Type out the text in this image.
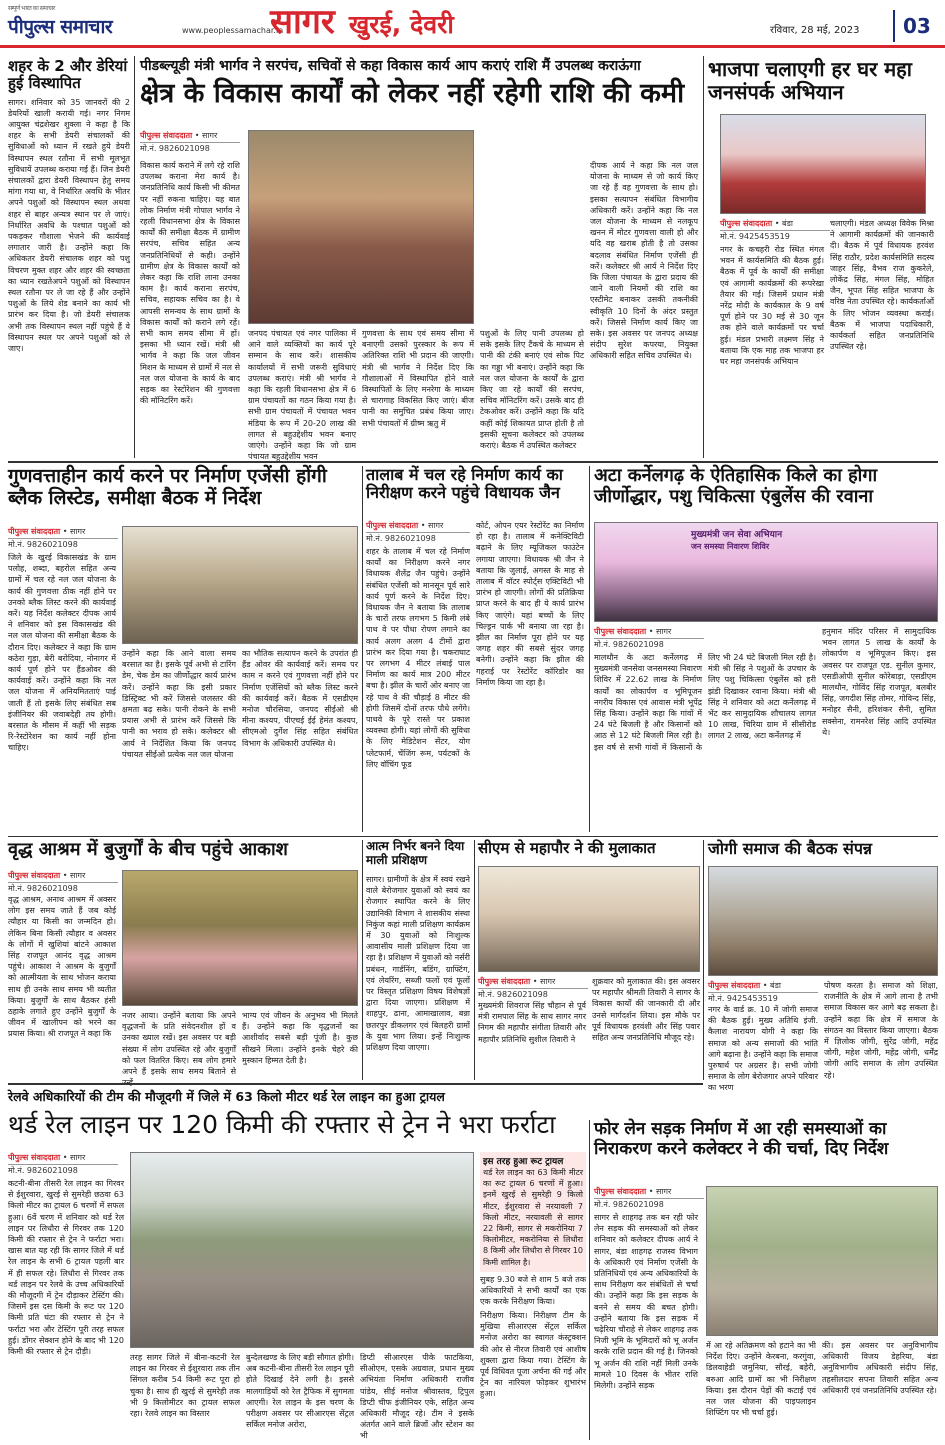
सम्पूर्ण भारत का समाचार
पीपुल्स समाचार	www.peoplessamachar.in
सागर खुरई, देवरी	रविवार, 28 मई, 2023	03
शहर के 2 और डेरियां हुई विस्थापित
सागर। शनिवार को 35 जानवरों की 2 डेयरियों खाली करायी गई। नगर निगम आयुक्त चंद्रशेखर शुक्ला ने कहा है कि शहर के सभी डेयरी संचालकों की सुविधाओं को ध्यान में रखते हुये डेयरी विस्थापन स्थल रतौना में सभी मूलभूत सुविधायें उपलब्ध कराया गई हैं। जिन डेयरी संचालकों द्वारा डेयरी विस्थापन हेतु समय मांगा गया था, वे निर्धारित अवधि के भीतर अपने पशुओं को विस्थापन स्थल अथवा शहर से बाहर अन्यत्र स्थान पर ले जाएं। निर्धारित अवधि के पश्चात पशुओं को पकड़कर गौशाला भेजने की कार्यवाई लगातार जारी है। उन्होंने कहा कि अधिकतर डेयरी संचालक शहर को पशु विचरण मुक्त शहर और शहर की स्वच्छता का ध्यान रखतेअपने पशुओं को विस्थापन स्थल रतौना पर ले जा रहे हैं और उन्होंने पशुओं के लिये शेड बनाने का कार्य भी प्रारंभ कर दिया है। जो डेयरी संचालक अभी तक विस्थापन स्थल नहीं पहुंचे हैं वे विस्थापन स्थल पर अपने पशुओं को ले जाए।
पीडब्ल्यूडी मंत्री भार्गव ने सरपंच, सचिवों से कहा विकास कार्य आप कराएं राशि मैं उपलब्ध कराऊंगा
क्षेत्र के विकास कार्यों को लेकर नहीं रहेगी राशि की कमी
पीपुल्स संवाददाता • सागर
मो.नं. 9826021098
विकास कार्य कराने में लगे रहे राशि उपलब्ध कराना मेरा कार्य है। जनप्रतिनिधि कार्य किसी भी कीमत पर नहीं रुकना चाहिए। यह बात लोक निर्माण मंत्री गोपाल भार्गव ने रहली विधानसभा क्षेत्र के विकास कार्यों की समीक्षा बैठक में ग्रामीण सरपंच, सचिव सहित अन्य जनप्रतिनिधियों से कही। उन्होंने ग्रामीण क्षेत्र के विकास कार्यों को लेकर कहा कि राशि लाना उनका काम है। कार्य कराना सरपंच, सचिव, सहायक सचिव का है। वे आपसी समन्वय के साथ ग्रामों के विकास कार्यों को कराने लगे रहें। सभी काम समय सीमा में हों। इसका भी ध्यान रखें। मंत्री श्री भार्गव ने कहा कि जल जीवन मिशन के माध्यम से ग्रामों में नल से नल जल योजना के कार्य के बाद सड़क का रेस्टोरेशन की गुणवत्ता की मॉनिटरिंग करें।
जनपद पंचायत एवं नगर पालिका में आने वाले व्यक्तियों का कार्य पूरे सम्मान के साथ करें। शासकीय कार्यालयों में सभी जरूरी सुविधाएं उपलब्ध कराएं। मंत्री श्री भार्गव ने कहा कि रहली विधानसभा क्षेत्र में 6 ग्राम पंचायतों का गठन किया गया है। सभी ग्राम पंचायतों में पंचायत भवन मंडिया के रूप में 20-20 लाख की लागत से बहुउद्देशीय भवन बनाए जाएंगे। उन्होंने कहा कि जो ग्राम पंचायत बहुउद्देशीय भवन
गुणवत्ता के साथ एवं समय सीमा में बनाएगी उसको पुरस्कार के रूप में अतिरिक्त राशि भी प्रदान की जाएगी। मंत्री श्री भार्गव ने निर्देश दिए कि गौशालाओं में विस्थापित होने वाले विस्थापितों के लिए मनरेगा के माध्यम से चारागाह विकसित किए जाएं। बीज पानी का समुचित प्रबंध किया जाए। सभी पंचायतों में ग्रीष्म ऋतु में
पशुओं के लिए पानी उपलब्ध हो सके इसके लिए टैंकचे के माध्यम से पानी की टंकी बनाएं एवं सोक पिट का गड्डा भी बनाएं। उन्होंने कहा कि नल जल योजना के कार्यों के द्वारा किए जा रहे कार्यों की सरपंच, सचिव मॉनिटरिंग करें। उसके बाद ही टेकओवर करें। उन्होंने कहा कि यदि कहीं कोई शिकायत प्राप्त होती है तो इसकी सूचना कलेक्टर को उपलब्ध कराएं। बैठक में उपस्थित कलेक्टर
दीपक आर्य ने कहा कि नल जल योजना के माध्यम से जो कार्य किए जा रहे हैं वह गुणवत्ता के साथ हो। इसका सत्यापन संबंधित विभागीय अधिकारी करें। उन्होंने कहा कि नल जल योजना के माध्यम से नलकूप खनन में मोटर गुणवत्ता वाली हो और यदि वह खराब होती है तो उसका बदलाव संबंधित निर्माण एजेंसी ही करें। कलेक्टर श्री आर्य ने निर्देश दिए कि जिला पंचायत के द्वारा प्रदाय की जाने वाली नियमों की राशि का एस्टीमेट बनाकर उसकी तकनीकी स्वीकृति 10 दिनों के अंदर प्रस्तुत करें। जिससे निर्माण कार्य किए जा सके। इस अवसर पर जनपद अध्यक्ष संदीप सुरेश कपरया, नियुक्त अधिकारी सहित सचिव उपस्थित थे।
भाजपा चलाएगी हर घर महा जनसंपर्क अभियान
पीपुल्स संवाददाता • बंडा
मो.नं. 9425453519
नगर के कचहरी रोड स्थित मंगल भवन में कार्यसमिति की बैठक हुई। बैठक में पूर्व के कार्यों की समीक्षा एवं आगामी कार्यक्रमों की रूपरेखा तैयार की गई। जिसमें प्रधान मंत्री नरेंद्र मोदी के कार्यकाल के 9 वर्ष पूर्ण होने पर 30 मई से 30 जून तक होने वाले कार्यक्रमों पर चर्चा हुई। मंडल प्रभारी लक्ष्मण सिंह ने बताया कि एक माह तक भाजपा हर घर महा जनसंपर्क अभियान
चलाएगी। मंडल अध्यक्ष विवेक मिश्रा ने आगामी कार्यक्रमों की जानकारी दी। बैठक में पूर्व विधायक हरवंश सिंह राठौर, प्रदेश कार्यसमिति सदस्य जाहर सिंह, वैभव राज कुकरेले, लोकेंद्र सिंह, मंगल सिंह, मोहित जैन, भूपत सिंह सहित भाजपा के वरिष्ठ नेता उपस्थित रहे। कार्यकर्ताओं के लिए भोजन व्यवस्था कराई। बैठक में भाजपा पदाधिकारी, कार्यकर्ता सहित जनप्रतिनिधि उपस्थित रहे।
गुणवत्ताहीन कार्य करने पर निर्माण एजेंसी होंगी ब्लैक लिस्टेड, समीक्षा बैठक में निर्देश
पीपुल्स संवाददाता • सागर
मो.नं. 9826021098
जिले के खुरई विकासखंड के ग्राम पलोह, शब्दा, बहरोल सहित अन्य ग्रामों में चल रहे नल जल योजना के कार्य की गुणवत्ता ठीक नहीं होने पर उनको ब्लैक लिस्ट करने की कार्यवाई करें। यह निर्देश कलेक्टर दीपक आर्य ने शनिवार को इस विकासखंड की नल जल योजना की समीक्षा बैठक के दौरान दिए। कलेक्टर ने कहा कि ग्राम कठेरा गुड़ा, बेरी बरोदिया, नोनागर में कार्य पूर्ण होने पर हैंडओवर की कार्यवाई करें। उन्होंने कहा कि नल जल योजना में अनियमितताएं पाई जाती हैं तो इसके लिए संबंधित सब इंजीनियर की जवाबदेही तय होगी। बरसात के मौसम में कहीं भी सड़क रि-रेस्टोरेशन का कार्य नहीं होना चाहिए।
उन्होंने कहा कि आने वाला समय बरसात का है। इसके पूर्व अभी से टारिंग डेम, चेक डेम का जीर्णोद्धार कार्य प्रारंभ करें। उन्होंने कहा कि इसी प्रकार डिस्ट्रिक्ट भी करें जिससे जलस्तर की क्षमता बढ़ सके। पानी रोकने के सभी प्रयास अभी से प्रारंभ करें जिससे कि पानी का भराव हो सके। कलेक्टर श्री आर्य ने निर्देशित किया कि जनपद पंचायत सीईओ प्रत्येक नल जल योजना
का भौतिक सत्यापन करने के उपरांत ही हैंड ओवर की कार्यवाई करें। समय पर काम न करने एवं गुणवत्ता नहीं होने पर निर्माण एजेंसियों को ब्लैक लिस्ट करने की कार्यवाई करें। बैठक में एसडीएम मनोज चौरसिया, जनपद सीईओ श्री मीना कश्यप, पीएचई ईई हेमंत कश्यप, सीएमओ दुर्गेश सिंह सहित संबंधित विभाग के अधिकारी उपस्थित थे।
तालाब में चल रहे निर्माण कार्य का निरीक्षण करने पहुंचे विधायक जैन
पीपुल्स संवाददाता • सागर
मो.नं. 9826021098
शहर के तालाब में चल रहे निर्माण कार्यों का निरीक्षण करने नगर विधायक शैलेंद्र जैन पहुंचे। उन्होंने संबंधित एजेंसी को मानसून पूर्व सारे कार्य पूर्ण करने के निर्देश दिए। विधायक जैन ने बताया कि तालाब के चारों तरफ लगभग 5 किमी लंबे पाथ वे पर पौधा रोपण लगाने का कार्य अलग अलग 4 टीमों द्वारा प्रारंभ कर दिया गया है। चकराघाट पर लगभग 4 मीटर लंबाई पाल निर्माण का कार्य मात्र 200 मीटर बचा है। झील के चारों ओर बनाए जा रहे पाथ वे की चौड़ाई 8 मीटर की होगी जिसमें दोनों तरफ पौधे लगेंगे। पाथवे के पूरे रास्ते पर प्रकाश व्यवस्था होगी। यहां लोगों की सुविधा के लिए मेडिटेशन सेंटर, योग प्लेटफार्म, चेंजिंग रूम, पर्यटकों के लिए वॉचिंग फूड
कोर्ट, ओपन एयर रेस्टोरेंट का निर्माण हो रहा है। तालाब में कनेक्टिविटी बढ़ाने के लिए म्यूजिकल फाउंटेन लगाया जाएगा। विधायक श्री जैन ने बताया कि जुलाई, अगस्त के माह से तालाब में वॉटर स्पोर्ट्स एक्टिविटी भी प्रारंभ हो जाएगी। लोगों की प्रतिक्रिया प्राप्त करने के बाद ही ये कार्य प्रारंभ किए जाएंगे। यहां बच्चों के लिए चिल्ड्रन पार्क भी बनाया जा रहा है। झील का निर्माण पूरा होने पर यह जगह शहर की सबसे सुंदर जगह बनेगी। उन्होंने कहा कि झील की गहराई पर रेस्टोरेंट कॉरिडोर का निर्माण किया जा रहा है।
अटा कर्नेलगढ़ के ऐतिहासिक किले का होगा जीर्णोद्धार, पशु चिकित्सा एंबुलेंस की रवाना
मुख्यमंत्री जन सेवा अभियान
जन समस्या निवारण शिविर
पीपुल्स संवाददाता • सागर
मो.नं. 9826021098
मालथौन के अटा कर्नेलगढ़ में मुख्यमंत्री जनसेवा जनसमस्या निवारण शिविर में 22.62 लाख के निर्माण कार्यों का लोकार्पण व भूमिपूजन नगरीय विकास एवं आवास मंत्री भूपेंद्र सिंह किया। उन्होंने कहा कि गांवों में 24 घंटे बिजली है और किसानों को आठ से 12 घंटे बिजली मिल रही है। इस वर्ष से सभी गांवों में किसानों के लिए भी 24 घंटे बिजली मिल रही है। मंत्री श्री सिंह ने पशुओं के उपचार के लिए पशु चिकित्सा एंबुलेंस को हरी झंडी दिखाकर रवाना किया। मंत्री श्री सिंह ने शनिवार को अटा कर्नेलगढ़ में भेंट कर सामुदायिक शौचालय लागत 10 लाख, चिरिया ग्राम में सीसीरोड लागत 2 लाख, अटा कर्नेलगढ़ में
हनुमान मंदिर परिसर में सामुदायिक भवन लागत 5 लाख के कार्यों के लोकार्पण व भूमिपूजन किए। इस अवसर पर राजपूत एड. सुनील कुमार, एसडीओपी सुनील कोरेबाड़ा, एसडीएम मालथौन, गोविंद सिंह राजपूत, बलबीर सिंह, जगदीश सिंह तोमर, गोविन्द सिंह, मनोहर सैनी, हरिशंकर सैनी, सुमित सक्सेना, रामनरेश सिंह आदि उपस्थित थे।
वृद्ध आश्रम में बुजुर्गों के बीच पहुंचे आकाश
पीपुल्स संवाददाता • सागर
मो.नं. 9826021098
वृद्ध आश्रम, अनाथ आश्रम में अक्सर लोग इस समय जाते हैं जब कोई त्यौहार या किसी का जन्मदिन हो। लेकिन बिना किसी त्यौहार व अवसर के लोगों में खुशियां बांटने आकाश सिंह राजपूत आनंद वृद्ध आश्रम पहुंचे। आकाश ने आश्रम के बुजुर्गों को आत्मीयता के साथ भोजन कराया साथ ही उनके साथ समय भी व्यतीत किया। बुजुर्गों के साथ बैठकर हंसी ठहाके लगाते हुए उन्होंने बुजुर्गों के जीवन में खालीपन को भरने का प्रयास किया। श्री राजपूत ने कहा कि
नजर आया। उन्होंने बताया कि अपने वृद्धजनों के प्रति संवेदनशील हों व उनका ख्याल रखें। इस अवसर पर बड़ी संख्या में लोग उपस्थित रहे और बुजुर्गों को फल वितरित किए। सब लोग हमारे अपने हैं इसके साथ समय बिताने से
भाग्य एवं जीवन के अनुभव भी मिलते हैं। उन्होंने कहा कि वृद्धजनों का आशीर्वाद सबसे बड़ी पूंजी है। कुछ सीखने मिला। उन्होंने इनके चेहरे की मुस्कान हिम्मत देती है।
आत्म निर्भर बनने दिया माली प्रशिक्षण
सागर। ग्रामीणों के क्षेत्र में स्वयं रखने वाले बेरोजगार युवाओं को स्वयं का रोजगार स्थापित करने के लिए उद्यानिकी विभाग ने शासकीय संस्था निकुंज कहां माली प्रशिक्षण कार्यक्रम में 30 युवाओं को निःशुल्क आवासीय माली प्रशिक्षण दिया जा रहा है। प्रशिक्षण में युवाओं को नर्सरी प्रबंधन, गार्डनिंग, बडिंग, ग्राफ्टिंग, एवं लेयरिंग, सब्जी फलों एवं फूलों पर विस्तृत प्रशिक्षण विषय विशेषज्ञों द्वारा दिया जाएगा। प्रशिक्षण में शाहपुर, ढाना, आमाखालाव, बन्ना छतरपुर डीकलगर एवं बिलहरी ग्रामों के युवा भाग लिया। इन्हें निःशुल्क प्रशिक्षण दिया जाएगा।
सीएम से महापौर ने की मुलाकात
पीपुल्स संवाददाता • सागर
मो.नं. 9826021098
मुख्यमंत्री शिवराज सिंह चौहान से पूर्व मंत्री रामपाल सिंह के साथ सागर नगर निगम की महापौर संगीता तिवारी और महापौर प्रतिनिधि सुशील तिवारी ने
शुक्रवार को मुलाकात की। इस अवसर पर महापौर श्रीमती तिवारी ने सागर के विकास कार्यों की जानकारी दी और उनसे मार्गदर्शन लिया। इस मौके पर पूर्व विधायक हरवंशी और सिंह पवार सहित अन्य जनप्रतिनिधि मौजूद रहे।
जोगी समाज की बैठक संपन्न
पीपुल्स संवाददाता • बंडा
मो.नं. 9425453519
नगर के वार्ड क्र. 10 में जोगी समाज की बैठक हुई। मुख्य अतिथि इंजी. कैलाश नारायण योगी ने कहा कि समाज को अन्य समाजों की भांति आगे बढ़ाना है। उन्होंने कहा कि समाज पुरुषार्थ पर अग्रसर है। सभी जोगी समाज के लोग बेरोजगार अपने परिवार का भरण
पोषण करता है। समाज को शिक्षा, राजनीति के क्षेत्र में आगे लाना है तभी समाज विकास कर आगे बढ़ सकता है। उन्होंने कहा कि क्षेत्र में समाज के संगठन का विस्तार किया जाएगा। बैठक में ज्ञिलोक जोगी, सुरेंद्र जोगी, महेंद्र जोगी, महेश जोगी, महेंद्र जोगी, धर्मेंद्र जोगी आदि समाज के लोग उपस्थित रहे।
रेलवे अधिकारियों की टीम की मौजूदगी में जिले में 63 किलो मीटर थर्ड रेल लाइन का हुआ ट्रायल
थर्ड रेल लाइन पर 120 किमी की रफ्तार से ट्रेन ने भरा फर्राटा
पीपुल्स संवाददाता • सागर
मो.नं. 9826021098
कटनी-बीना तीसरी रेल लाइन का गिरवर से ईशुरवारा, खुरई से सुमरेही छठवा 63 किलो मीटर का ट्रायल 6 चरणों में सफल हुआ। 6वें चरण में शनिवार को थर्ड रेल लाइन पर लिधौरा से गिरवर तक 120 किमी की रफ्तार से ट्रेन ने फर्राटा भरा। खास बात यह रही कि सागर जिले में थर्ड रेल लाइन के सभी 6 ट्रायल पहली बार में ही सफल रहे। लिधौरा से गिरवर तक थर्ड लाइन पर रेलवे के उच्च अधिकारियों की मौजूदगी में ट्रेन दौड़ाकर टेस्टिंग की। जिसमें इस दस किमी के रूट पर 120 किमी प्रति घंटा की रफ्तार से ट्रेन ने फर्राटा भरा और टेस्टिंग पूरी तरह सफल हुई। डोंगर सेक्शन होने के बाद भी 120 किमी की रफ्तार से ट्रेन दौड़ी।
तरह सागर जिले में बीना-कटनी रेल लाइन का गिरवर से ईशुरवारा तक तीन सिंगल करीब 54 किमी रूट पूरा हो चुका है। साथ ही खुरई से सुमरेही तक भी 9 किलोमीटर का ट्रायल सफल रहा। रेलवे लाइन का विस्तार
बुन्देलखण्ड के लिए बड़ी सौगात होगी। अब कटनी-बीना तीसरी रेल लाइन पूरी होते दिखाई देने लगी है। इससे मालगाड़ियों को रेल ट्रैफिक में सुगमता आएगी। रेल लाइन के इस चरण के परीक्षण अवसर पर सीआरएस सेंट्रल सर्किल मनोज अरोरा,
डिप्टी सीआरएस पीके फाटकिया, सीओएम, एसके अग्रवाल, प्रधान मुख्य अभियंता निर्माण अधिकारी राजीव पांडेय, सीई मनोज श्रीवास्तव, ट्रिपुल डिप्टी चीफ इंजीनियर एके, सहित अन्य अधिकारी मौजूद रहे। टीम ने इसके अंतर्गत आने वाले ब्रिजों और स्टेशन का भी
इस तरह हुआ रूट ट्रायल
थर्ड रेल लाइन का 63 किमी मीटर का रूट ट्रायल 6 चरणों में हुआ। इनमें खुरई से सुमरेही 9 किलो मीटर, ईशुरवारा से नरयावली 7 किलो मीटर, नरयावली से सागर 22 किमी, सागर से मकरोनिया 7 किलोमीटर, मकरोनिया से लिधौरा 8 किमी और लिधौरा से गिरवर 10 किमी शामिल है।
सुबह 9.30 बजे से शाम 5 बजे तक अधिकारियों ने सभी कार्यों का एक एक करके निरीक्षण किया।
निरीक्षण किया। निरीक्षण टीम के मुखिया सीआरएस सेंट्रल सर्किल मनोज अरोरा का स्वागत कंस्ट्रक्शन की ओर से नीरज तिवारी एवं आशीष शुक्ला द्वारा किया गया। टेस्टिंग के पूर्व विधिवत पूजा अर्चना की गई और ट्रेन का नारियल फोड़कर शुभारंभ हुआ।
फोर लेन सड़क निर्माण में आ रही समस्याओं का निराकरण करने कलेक्टर ने की चर्चा, दिए निर्देश
पीपुल्स संवाददाता • सागर
मो.नं. 9826021098
सागर से शाहगढ़ तक बन रही फोर लेन सड़क की समस्याओं को लेकर शनिवार को कलेक्टर दीपक आर्य ने सागर, बंडा शाहगढ़ राजस्व विभाग के अधिकारी एवं निर्माण एजेंसी के प्रतिनिधियों एवं अन्य अधिकारियों के साथ निरीक्षण कर संबंधितों से चर्चा की। उन्होंने कहा कि इस सड़क के बनने से समय की बचत होगी। उन्होंने बताया कि इस सड़क में चढ़ेरिया चौराहे से लेकर शाहगढ़ तक निजी भूमि के भूमिदारों को भू अर्जन करके राशि प्रदान की गई है। जिनको भू अर्जन की राशि नहीं मिली उनके मामले 10 दिवस के भीतर राशि मिलेगी। उन्होंने सड़क
में आ रहे अतिक्रमण को हटाने का भी निर्देश दिए। उन्होंने केरबना, करगुंवा, डिलवाहेडी जमुनिया, सौरई, बहेरी, बरुआ आदि ग्रामों का भी निरीक्षण किया। इस दौरान पेड़ों की कटाई एवं नल जल योजना की पाइपलाइन शिफ्टिंग पर भी चर्चा हुई।
की। इस अवसर पर अनुविभागीय अधिकारी विजय डेहरिया, बंडा अनुविभागीय अधिकारी संदीप सिंह, तहसीलदार सपना तिवारी सहित अन्य अधिकारी एवं जनप्रतिनिधि उपस्थित रहे।
